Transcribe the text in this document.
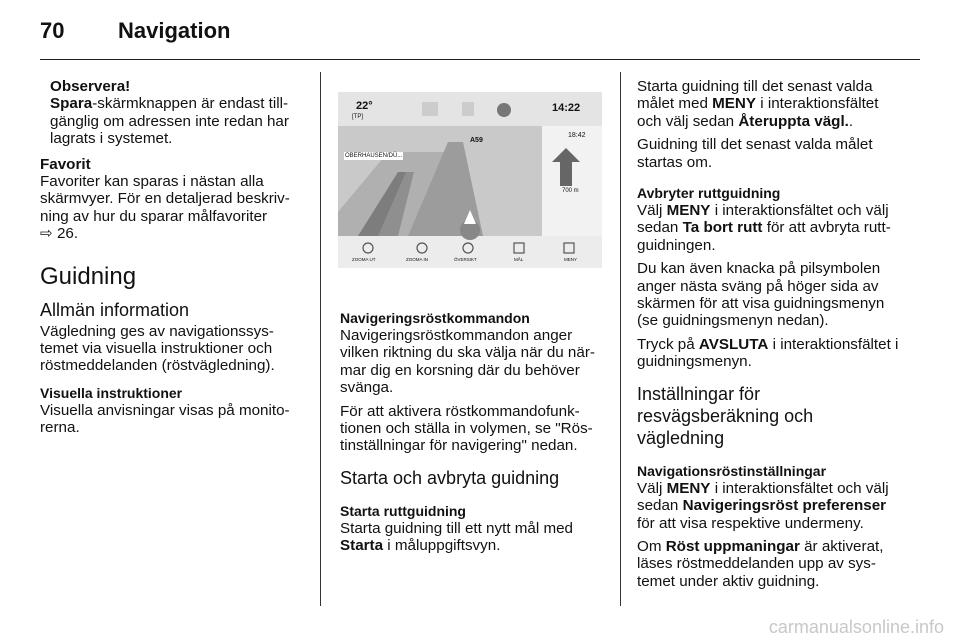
70 Navigation
Observera!

Spara-skärmknappen är endast till-gänglig om adressen inte redan har lagrats i systemet.

Favorit

Favoriter kan sparas i nästan alla skärmvyer. För en detaljerad beskriv-ning av hur du sparar målfavoriter
⇨ 26.

Guidning
Allmän information

Vägledning ges av navigationssys-temet via visuella instruktioner och röstmeddelanden (röstvägledning).

Visuella instruktioner

Visuella anvisningar visas på monito-rerna.

22°
[TP]
14:22
18:42
A59
OBERHAUSEN/DÜ...
700 m
ZOOMA UT	ZOOMA IN	ÖVERSIKT	MÅL	MENY
Navigeringsröstkommandon

Navigeringsröstkommandon anger vilken riktning du ska välja när du när-mar dig en korsning där du behöver svänga.

För att aktivera röstkommandofunk-tionen och ställa in volymen, se "Rös-tinställningar för navigering" nedan.

Starta och avbryta guidning
Starta ruttguidning

Starta guidning till ett nytt mål med Starta i måluppgiftsvyn.

Starta guidning till det senast valda målet med MENY i interaktionsfältet och välj sedan Återuppta vägl..

Guidning till det senast valda målet startas om.

Avbryter ruttguidning

Välj MENY i interaktionsfältet och välj sedan Ta bort rutt för att avbryta rutt-guidningen.

Du kan även knacka på pilsymbolen anger nästa sväng på höger sida av skärmen för att visa guidningsmenyn (se guidningsmenyn nedan).

Tryck på AVSLUTA i interaktionsfältet i guidningsmenyn.

Inställningar för resvägsberäkning och vägledning
Navigationsröstinställningar

Välj MENY i interaktionsfältet och välj sedan Navigeringsröst preferenser för att visa respektive undermeny.

Om Röst uppmaningar är aktiverat, läses röstmeddelanden upp av sys-temet under aktiv guidning.

carmanualsonline.info
